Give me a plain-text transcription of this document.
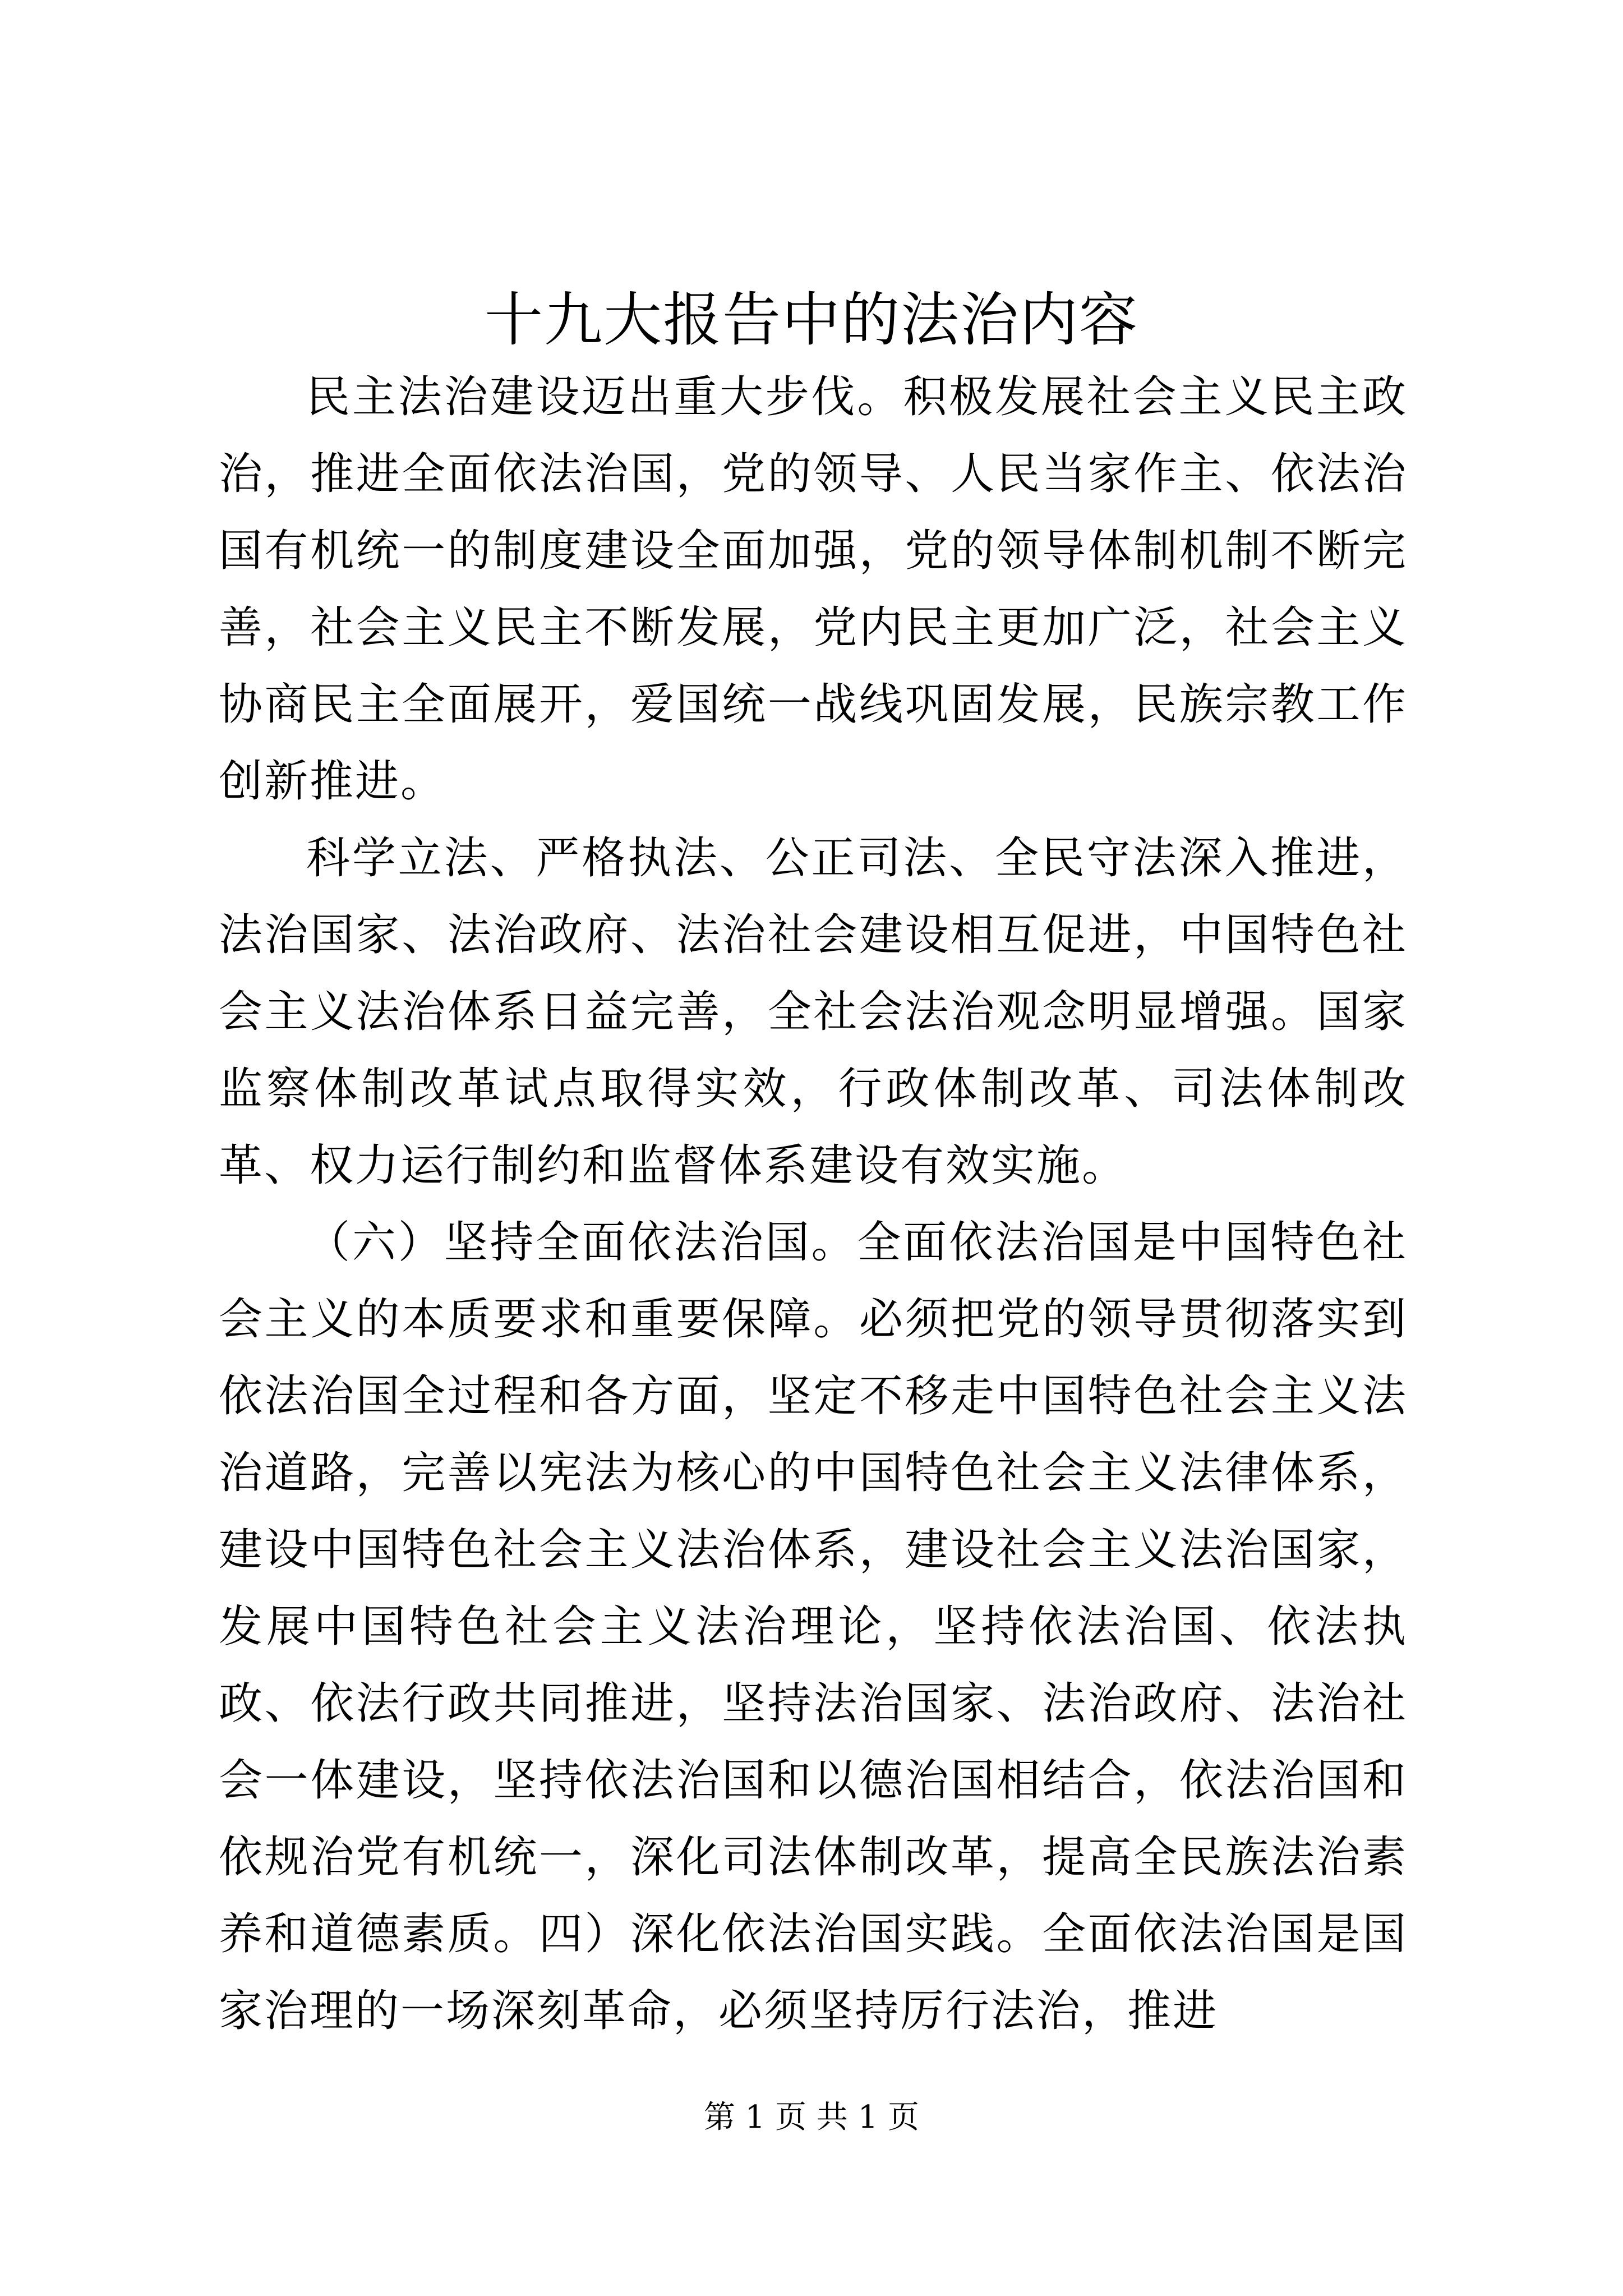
十九大报告中的法治内容

民主法治建设迈出重大步伐。积极发展社会主义民主政治，推进全面依法治国，党的领导、人民当家作主、依法治国有机统一的制度建设全面加强，党的领导体制机制不断完善，社会主义民主不断发展，党内民主更加广泛，社会主义协商民主全面展开，爱国统一战线巩固发展，民族宗教工作创新推进。

科学立法、严格执法、公正司法、全民守法深入推进，法治国家、法治政府、法治社会建设相互促进，中国特色社会主义法治体系日益完善，全社会法治观念明显增强。国家监察体制改革试点取得实效，行政体制改革、司法体制改革、权力运行制约和监督体系建设有效实施。

（六）坚持全面依法治国。全面依法治国是中国特色社会主义的本质要求和重要保障。必须把党的领导贯彻落实到依法治国全过程和各方面，坚定不移走中国特色社会主义法治道路，完善以宪法为核心的中国特色社会主义法律体系，建设中国特色社会主义法治体系，建设社会主义法治国家，发展中国特色社会主义法治理论，坚持依法治国、依法执政、依法行政共同推进，坚持法治国家、法治政府、法治社会一体建设，坚持依法治国和以德治国相结合，依法治国和依规治党有机统一，深化司法体制改革，提高全民族法治素养和道德素质。四）深化依法治国实践。全面依法治国是国家治理的一场深刻革命，必须坚持厉行法治，推进

第 1 页 共 1 页
